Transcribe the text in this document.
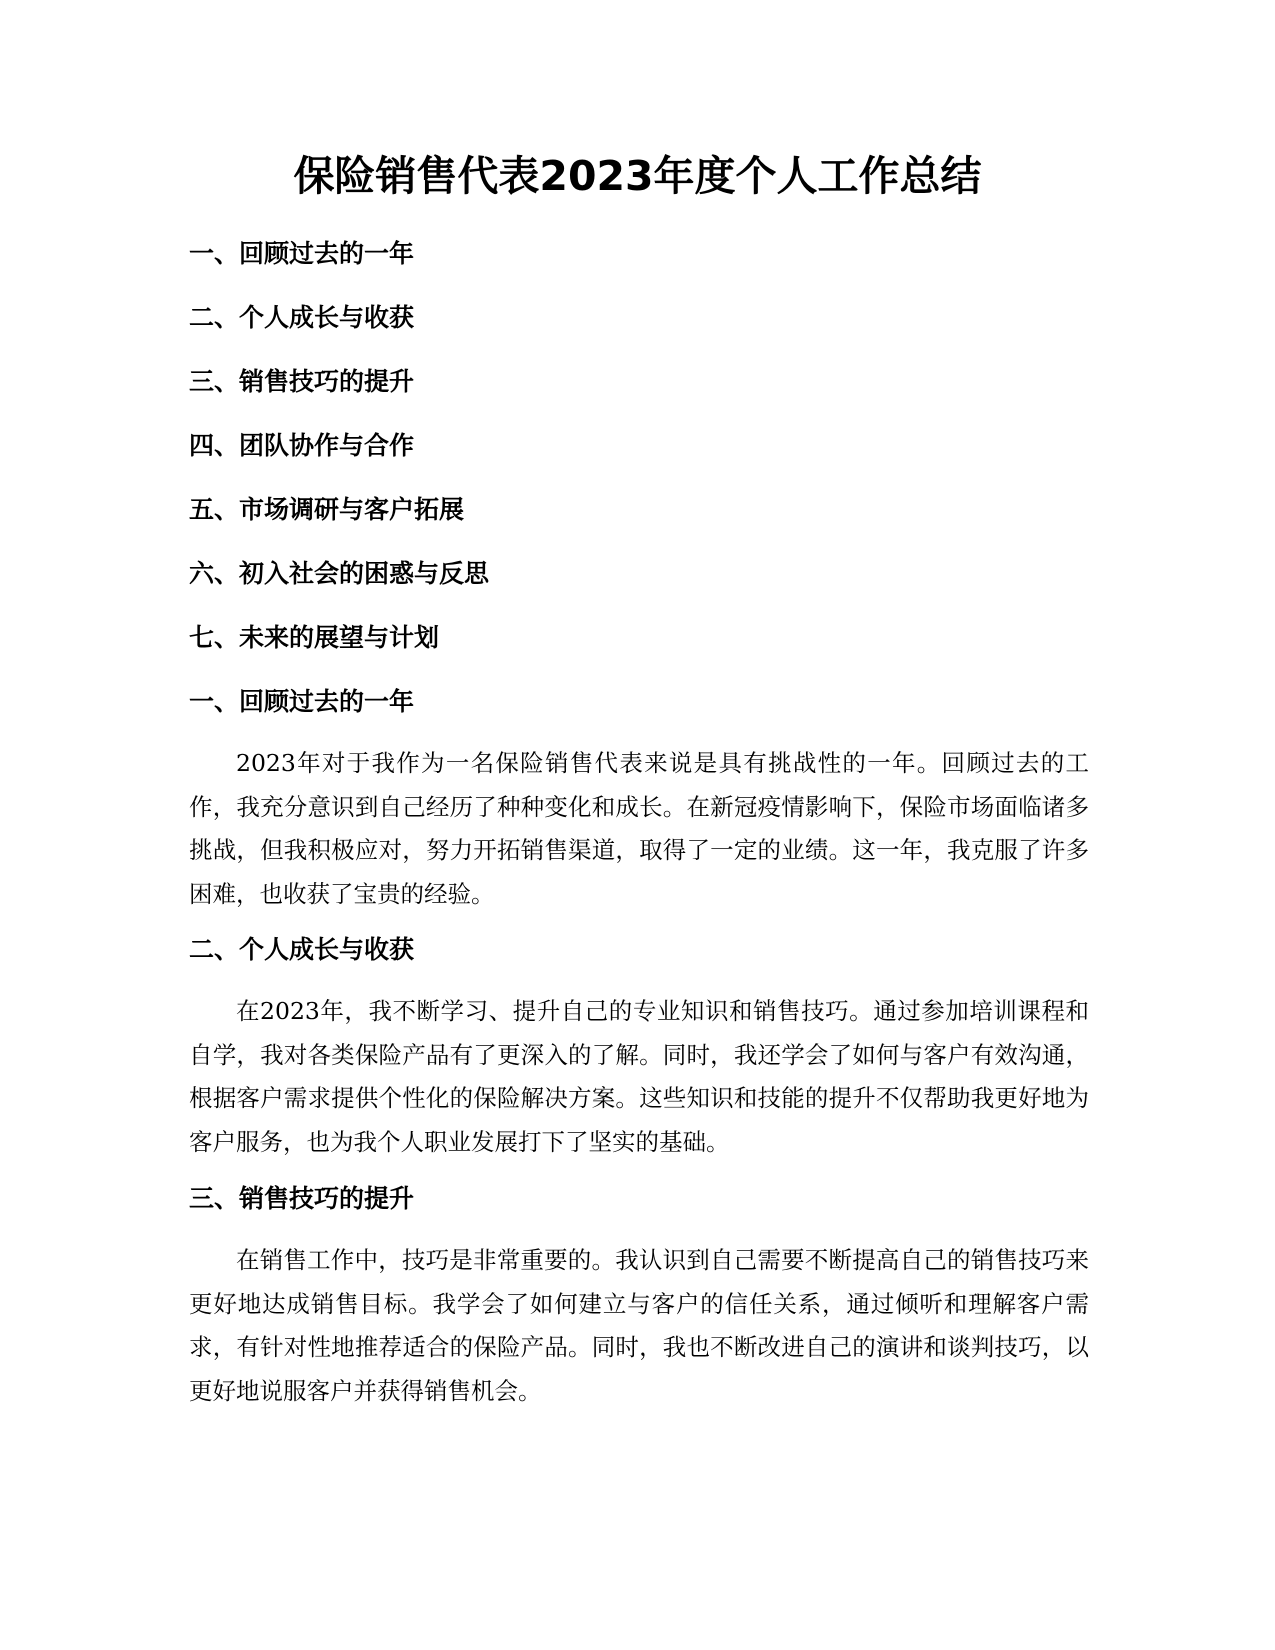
保险销售代表2023年度个人工作总结
一、回顾过去的一年
二、个人成长与收获
三、销售技巧的提升
四、团队协作与合作
五、市场调研与客户拓展
六、初入社会的困惑与反思
七、未来的展望与计划
一、回顾过去的一年

2023年对于我作为一名保险销售代表来说是具有挑战性的一年。回顾过去的工作，我充分意识到自己经历了种种变化和成长。在新冠疫情影响下，保险市场面临诸多挑战，但我积极应对，努力开拓销售渠道，取得了一定的业绩。这一年，我克服了许多困难，也收获了宝贵的经验。

二、个人成长与收获

在2023年，我不断学习、提升自己的专业知识和销售技巧。通过参加培训课程和自学，我对各类保险产品有了更深入的了解。同时，我还学会了如何与客户有效沟通，根据客户需求提供个性化的保险解决方案。这些知识和技能的提升不仅帮助我更好地为客户服务，也为我个人职业发展打下了坚实的基础。

三、销售技巧的提升

在销售工作中，技巧是非常重要的。我认识到自己需要不断提高自己的销售技巧来更好地达成销售目标。我学会了如何建立与客户的信任关系，通过倾听和理解客户需求，有针对性地推荐适合的保险产品。同时，我也不断改进自己的演讲和谈判技巧，以更好地说服客户并获得销售机会。
